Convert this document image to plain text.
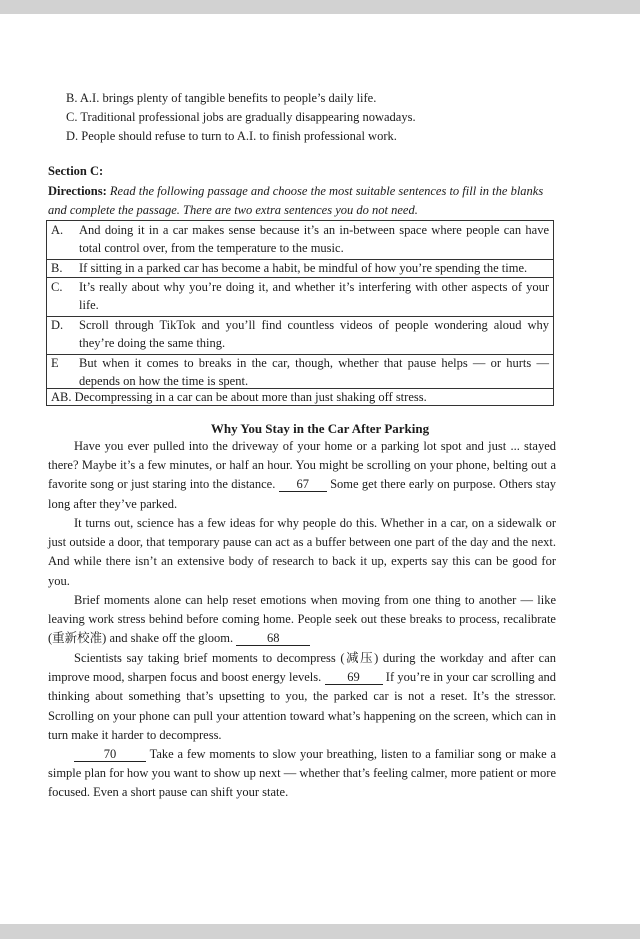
B. A.I. brings plenty of tangible benefits to people’s daily life.
C. Traditional professional jobs are gradually disappearing nowadays.
D. People should refuse to turn to A.I. to finish professional work.
Section C:
Directions: Read the following passage and choose the most suitable sentences to fill in the blanks and complete the passage. There are two extra sentences you do not need.
A. And doing it in a car makes sense because it’s an in-between space where people can have total control over, from the temperature to the music.
B. If sitting in a parked car has become a habit, be mindful of how you’re spending the time.
C. It’s really about why you’re doing it, and whether it’s interfering with other aspects of your life.
D. Scroll through TikTok and you’ll find countless videos of people wondering aloud why they’re doing the same thing.
E But when it comes to breaks in the car, though, whether that pause helps — or hurts — depends on how the time is spent.
AB. Decompressing in a car can be about more than just shaking off stress.
Why You Stay in the Car After Parking
Have you ever pulled into the driveway of your home or a parking lot spot and just ... stayed there? Maybe it’s a few minutes, or half an hour. You might be scrolling on your phone, belting out a favorite song or just staring into the distance. 67 Some get there early on purpose. Others stay long after they’ve parked.
It turns out, science has a few ideas for why people do this. Whether in a car, on a sidewalk or just outside a door, that temporary pause can act as a buffer between one part of the day and the next. And while there isn’t an extensive body of research to back it up, experts say this can be good for you.
Brief moments alone can help reset emotions when moving from one thing to another — like leaving work stress behind before coming home. People seek out these breaks to process, recalibrate (重新校准) and shake off the gloom. 68
Scientists say taking brief moments to decompress (减压) during the workday and after can improve mood, sharpen focus and boost energy levels. 69 If you’re in your car scrolling and thinking about something that’s upsetting to you, the parked car is not a reset. It’s the stressor. Scrolling on your phone can pull your attention toward what’s happening on the screen, which can in turn make it harder to decompress.
70 Take a few moments to slow your breathing, listen to a familiar song or make a simple plan for how you want to show up next — whether that’s feeling calmer, more patient or more focused. Even a short pause can shift your state.
